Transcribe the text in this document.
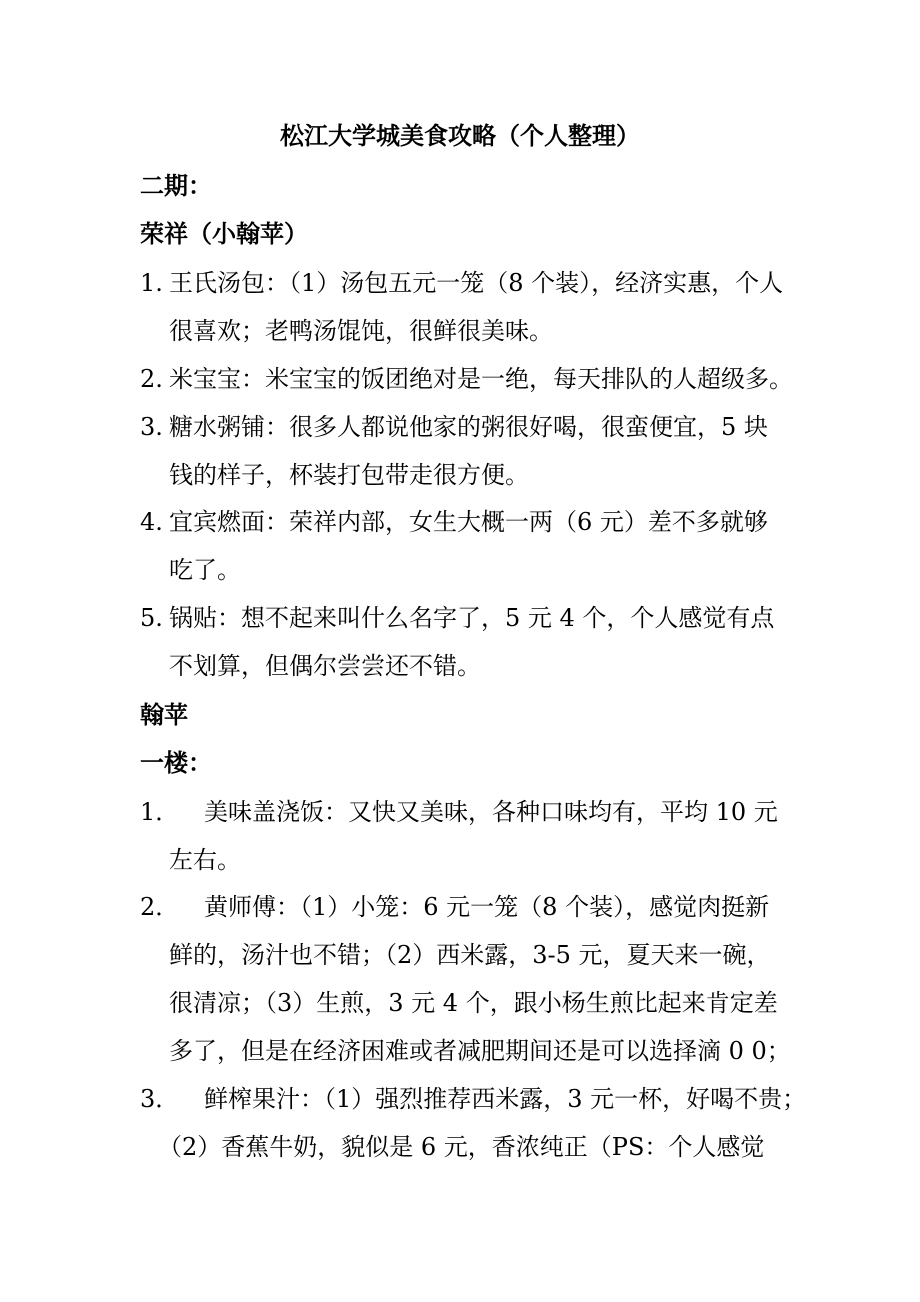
松江大学城美食攻略（个人整理）
二期：
荣祥（小翰苹）
1. 王氏汤包：（1）汤包五元一笼（8 个装），经济实惠，个人
很喜欢；老鸭汤馄饨，很鲜很美味。
2. 米宝宝：米宝宝的饭团绝对是一绝，每天排队的人超级多。
3. 糖水粥铺：很多人都说他家的粥很好喝，很蛮便宜，5 块
钱的样子，杯装打包带走很方便。
4. 宜宾燃面：荣祥内部，女生大概一两（6 元）差不多就够
吃了。
5. 锅贴：想不起来叫什么名字了，5 元 4 个，个人感觉有点
不划算，但偶尔尝尝还不错。
翰苹
一楼：
1．	美味盖浇饭：又快又美味，各种口味均有，平均 10 元
左右。
2．	黄师傅：（1）小笼：6 元一笼（8 个装），感觉肉挺新
鲜的，汤汁也不错；（2）西米露，3-5 元，夏天来一碗，
很清凉；（3）生煎，3 元 4 个，跟小杨生煎比起来肯定差
多了，但是在经济困难或者减肥期间还是可以选择滴 0 0；
3．	鲜榨果汁：（1）强烈推荐西米露，3 元一杯，好喝不贵；
（2）香蕉牛奶，貌似是 6 元，香浓纯正（PS：个人感觉
